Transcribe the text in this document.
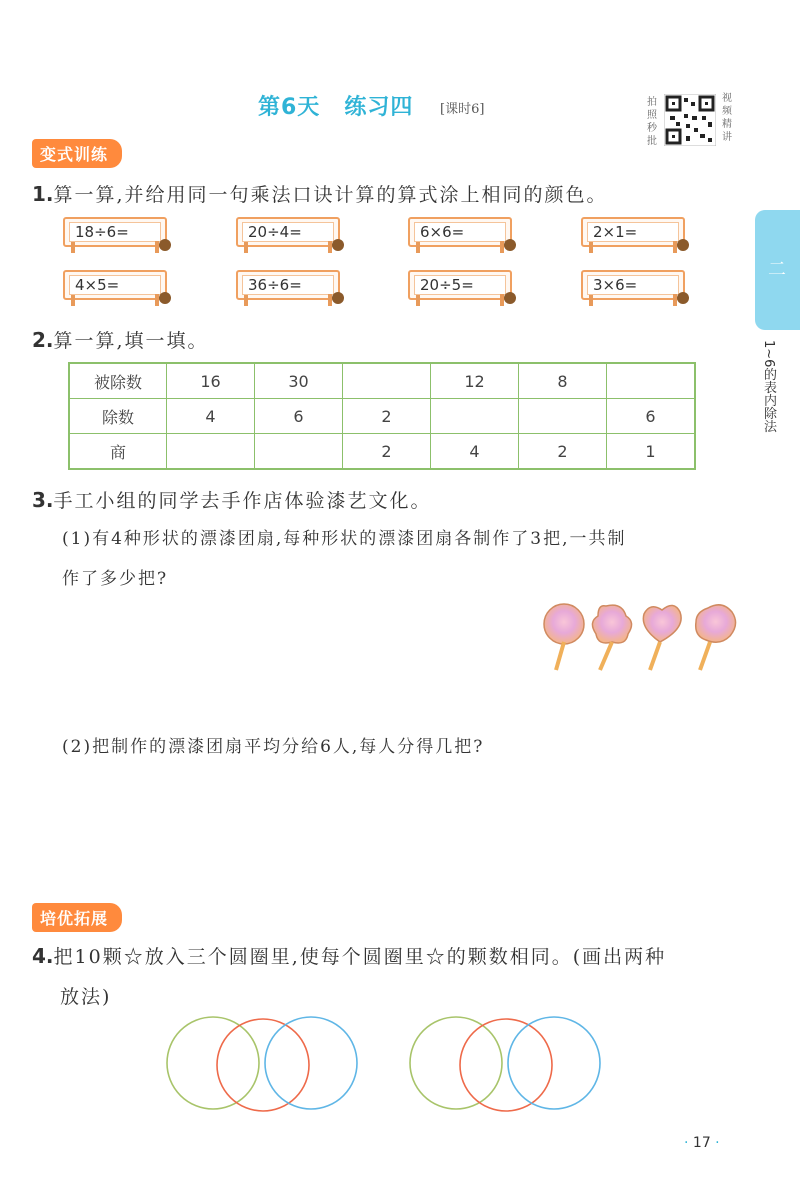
第6天 练习四 [课时6]	拍照秒批
视频精讲
二
1~6的表内除法
变式训练
1.算一算,并给用同一句乘法口诀计算的算式涂上相同的颜色。
18÷6=	20÷4=	6×6=	2×1=
4×5=	36÷6=	20÷5=	3×6=
2.算一算,填一填。
被除数	16	30		12	8	
除数	4	6	2			6
商			2	4	2	1
3.手工小组的同学去手作店体验漆艺文化。
(1)有4种形状的漂漆团扇,每种形状的漂漆团扇各制作了3把,一共制
作了多少把?
(2)把制作的漂漆团扇平均分给6人,每人分得几把?
培优拓展
4.把10颗☆放入三个圆圈里,使每个圆圈里☆的颗数相同。(画出两种
放法)
· 17 ·
